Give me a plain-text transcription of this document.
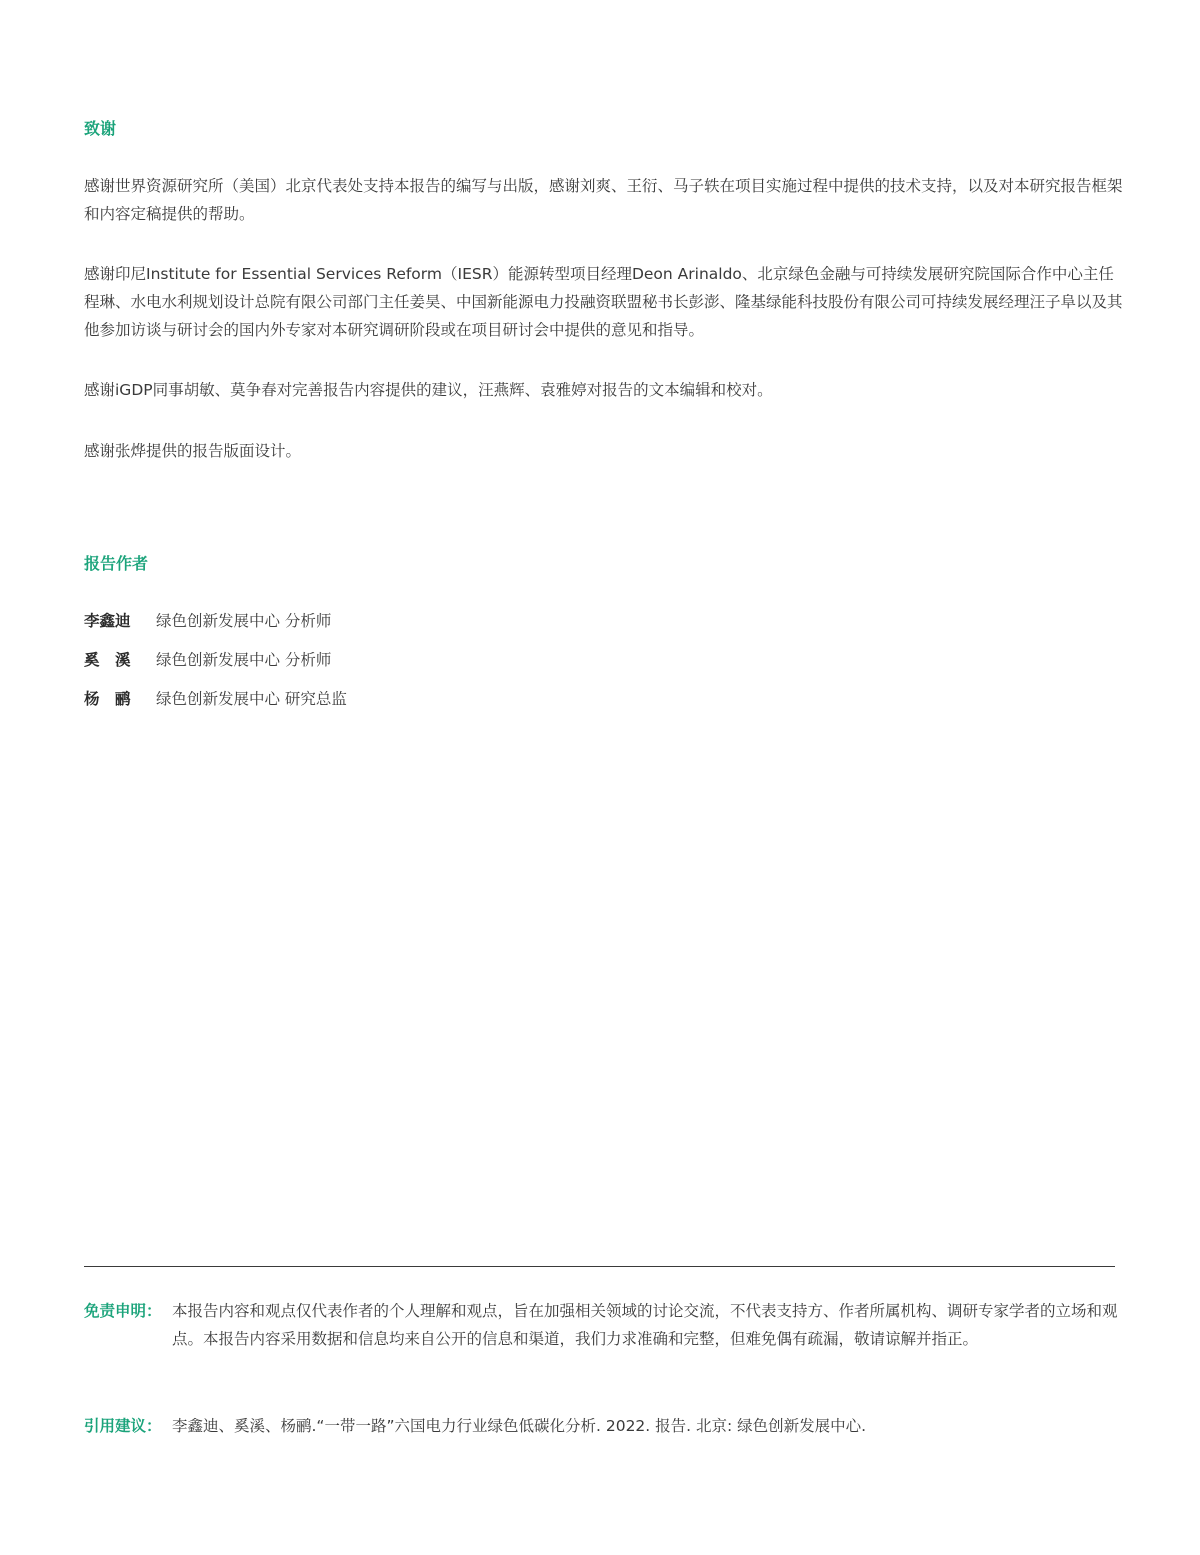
致谢

感谢世界资源研究所（美国）北京代表处支持本报告的编写与出版，感谢刘爽、王衍、马子轶在项目实施过程中提供的技术支持，以及对本研究报告框架和内容定稿提供的帮助。

感谢印尼Institute for Essential Services Reform（IESR）能源转型项目经理Deon Arinaldo、北京绿色金融与可持续发展研究院国际合作中心主任程琳、水电水利规划设计总院有限公司部门主任姜昊、中国新能源电力投融资联盟秘书长彭澎、隆基绿能科技股份有限公司可持续发展经理汪子阜以及其他参加访谈与研讨会的国内外专家对本研究调研阶段或在项目研讨会中提供的意见和指导。

感谢iGDP同事胡敏、莫争春对完善报告内容提供的建议，汪燕辉、袁雅婷对报告的文本编辑和校对。

感谢张烨提供的报告版面设计。

报告作者
李鑫迪 绿色创新发展中心 分析师
奚　溪 绿色创新发展中心 分析师
杨　鹂 绿色创新发展中心 研究总监
免责申明： 本报告内容和观点仅代表作者的个人理解和观点，旨在加强相关领域的讨论交流，不代表支持方、作者所属机构、调研专家学者的立场和观点。本报告内容采用数据和信息均来自公开的信息和渠道，我们力求准确和完整，但难免偶有疏漏，敬请谅解并指正。
引用建议： 李鑫迪、奚溪、杨鹂.“一带一路”六国电力行业绿色低碳化分析. 2022. 报告. 北京: 绿色创新发展中心.
